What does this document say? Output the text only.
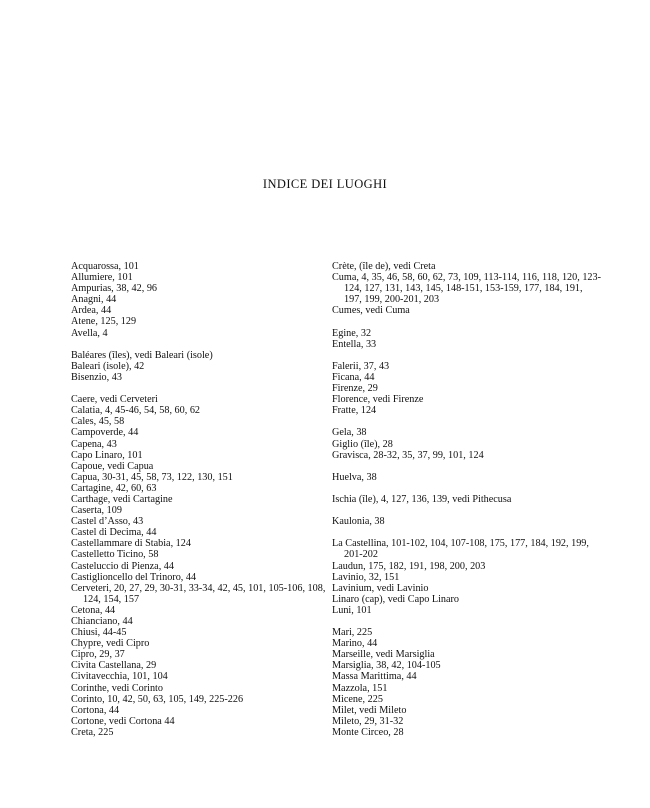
INDICE DEI LUOGHI
Acquarossa, 101
Allumiere, 101
Ampurias, 38, 42, 96
Anagni, 44
Ardea, 44
Atene, 125, 129
Avella, 4
Baléares (îles), vedi Baleari (isole)
Baleari (isole), 42
Bisenzio, 43
Caere, vedi Cerveteri
Calatia, 4, 45-46, 54, 58, 60, 62
Cales, 45, 58
Campoverde, 44
Capena, 43
Capo Linaro, 101
Capoue, vedi Capua
Capua, 30-31, 45, 58, 73, 122, 130, 151
Cartagine, 42, 60, 63
Carthage, vedi Cartagine
Caserta, 109
Castel d’Asso, 43
Castel di Decima, 44
Castellammare di Stabia, 124
Castelletto Ticino, 58
Casteluccio di Pienza, 44
Castiglioncello del Trinoro, 44
Cerveteri, 20, 27, 29, 30-31, 33-34, 42, 45, 101, 105-106, 108, 124, 154, 157
Cetona, 44
Chianciano, 44
Chiusi, 44-45
Chypre, vedi Cipro
Cipro, 29, 37
Civita Castellana, 29
Civitavecchia, 101, 104
Corinthe, vedi Corinto
Corinto, 10, 42, 50, 63, 105, 149, 225-226
Cortona, 44
Cortone, vedi Cortona 44
Creta, 225
Crète, (île de), vedi Creta
Cuma, 4, 35, 46, 58, 60, 62, 73, 109, 113-114, 116, 118, 120, 123-124, 127, 131, 143, 145, 148-151, 153-159, 177, 184, 191, 197, 199, 200-201, 203
Cumes, vedi Cuma
Egine, 32
Entella, 33
Falerii, 37, 43
Ficana, 44
Firenze, 29
Florence, vedi Firenze
Fratte, 124
Gela, 38
Giglio (île), 28
Gravisca, 28-32, 35, 37, 99, 101, 124
Huelva, 38
Ischia (île), 4, 127, 136, 139, vedi Pithecusa
Kaulonia, 38
La Castellina, 101-102, 104, 107-108, 175, 177, 184, 192, 199, 201-202
Laudun, 175, 182, 191, 198, 200, 203
Lavinio, 32, 151
Lavinium, vedi Lavinio
Linaro (cap), vedi Capo Linaro
Luni, 101
Mari, 225
Marino, 44
Marseille, vedi Marsiglia
Marsiglia, 38, 42, 104-105
Massa Marittima, 44
Mazzola, 151
Micene, 225
Milet, vedi Mileto
Mileto, 29, 31-32
Monte Circeo, 28
